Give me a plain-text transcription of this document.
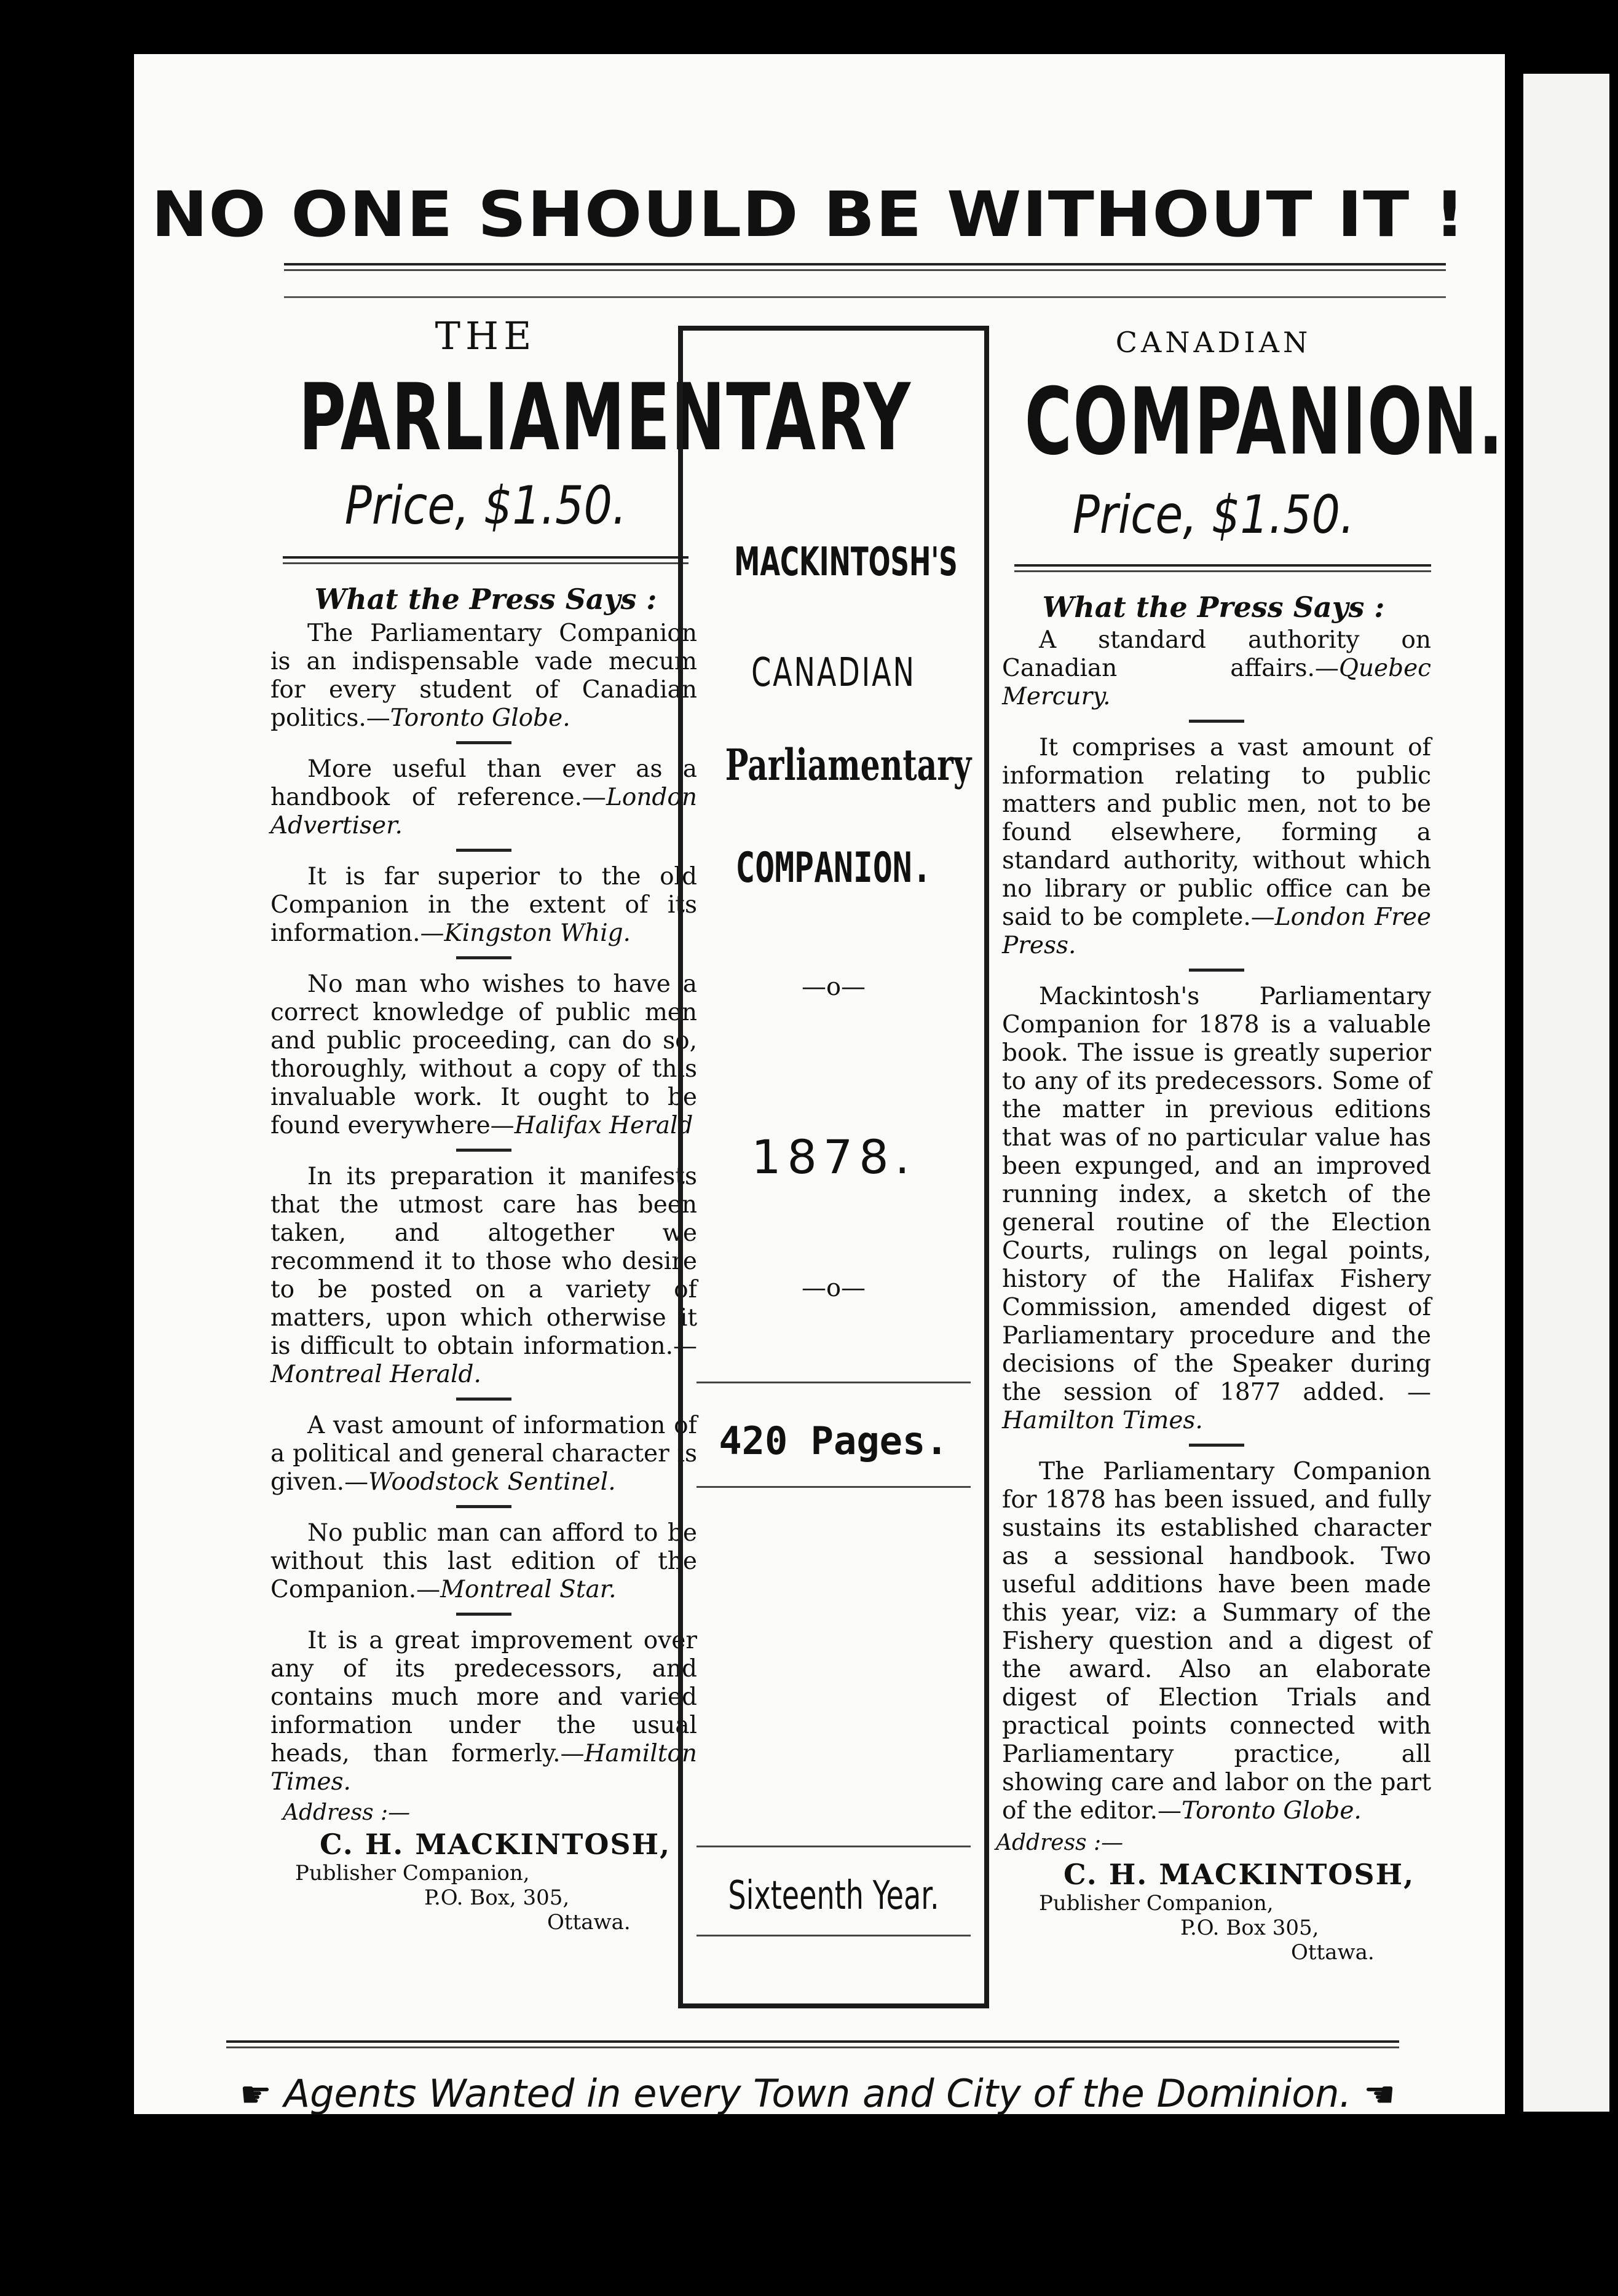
NO ONE SHOULD BE WITHOUT IT !
THE
PARLIAMENTARY
Price, $1.50.
What the Press Says :
The Parliamentary Companion is an indispensable vade mecum for every student of Canadian politics.—Toronto Globe.
More useful than ever as a handbook of reference.—London Advertiser.
It is far superior to the old Companion in the extent of its information.—Kingston Whig.
No man who wishes to have a correct knowledge of public men and public proceeding, can do so, thoroughly, without a copy of this invaluable work. It ought to be found everywhere—Halifax Herald
In its preparation it manifests that the utmost care has been taken, and altogether we recommend it to those who desire to be posted on a variety of matters, upon which otherwise it is difficult to obtain information.—Montreal Herald.
A vast amount of information of a political and general character is given.—Woodstock Sentinel.
No public man can afford to be without this last edition of the Companion.—Montreal Star.
It is a great improvement over any of its predecessors, and contains much more and varied information under the usual heads, than formerly.—Hamilton Times.
Address :—
C. H. MACKINTOSH,
Publisher Companion,
P.O. Box, 305,
Ottawa.
MACKINTOSH'S
CANADIAN
Parliamentary
COMPANION.
—o—
1878.
—o—
420 Pages.
Sixteenth Year.
CANADIAN
COMPANION.
Price, $1.50.
What the Press Says :
A standard authority on Canadian affairs.—Quebec Mercury.
It comprises a vast amount of information relating to public matters and public men, not to be found elsewhere, forming a standard authority, without which no library or public office can be said to be complete.—London Free Press.
Mackintosh's Parliamentary Companion for 1878 is a valuable book. The issue is greatly superior to any of its predecessors. Some of the matter in previous editions that was of no particular value has been expunged, and an improved running index, a sketch of the general routine of the Election Courts, rulings on legal points, history of the Halifax Fishery Commission, amended digest of Parliamentary procedure and the decisions of the Speaker during the session of 1877 added. —Hamilton Times.
The Parliamentary Companion for 1878 has been issued, and fully sustains its established character as a sessional handbook. Two useful additions have been made this year, viz: a Summary of the Fishery question and a digest of the award. Also an elaborate digest of Election Trials and practical points connected with Parliamentary practice, all showing care and labor on the part of the editor.—Toronto Globe.
Address :—
C. H. MACKINTOSH,
Publisher Companion,
P.O. Box 305,
Ottawa.
☛ Agents Wanted in every Town and City of the Dominion. ☚
